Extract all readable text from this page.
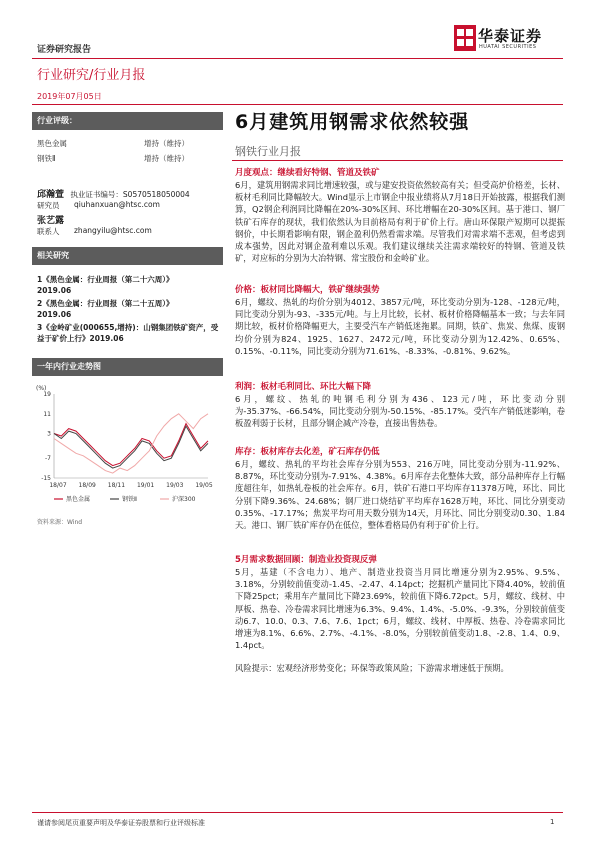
证券研究报告
华泰证券
HUATAI SECURITIES
行业研究/行业月报
2019年07月05日
行业评级：
黑色金属	增持（维持）
钢铁Ⅱ	增持（维持）
邱瀚萱 执业证书编号：S0570518050004
研究员 qiuhanxuan@htsc.com
张艺露
联系人 zhangyilu@htsc.com
相关研究
1《黑色金属：行业周报（第二十六周）》
2019.06
2《黑色金属：行业周报（第二十五周）》
2019.06
3《金岭矿业(000655,增持)：山钢集团铁矿资产，受益于矿价上行》2019.06
一年内行业走势图
(%)
19
11
3
-7
-15
18/07 18/09 18/11 19/01 19/03 19/05
黑色金属	钢铁Ⅱ	沪深300
资料来源：Wind
6月建筑用钢需求依然较强
钢铁行业月报
月度观点：继续看好特钢、管道及铁矿

6月，建筑用钢需求同比增速较强，或与建安投资依然较高有关；但受高炉价格差，长材、板材毛利同比降幅较大。Wind显示上市钢企中报业绩将从7月18日开始披露，根据我们测算，Q2钢企利润同比降幅在20%-30%区间、环比增幅在20-30%区间。基于港口、钢厂铁矿石库存的现状，我们依然认为目前格局有利于矿价上行。唐山环保限产短期可以提振钢价，中长期看影响有限，钢企盈利仍然看需求端。尽管我们对需求端不悲观，但考虑到成本强势，因此对钢企盈利难以乐观。我们建议继续关注需求端较好的特钢、管道及铁矿，对应标的分别为大冶特钢、常宝股份和金岭矿业。

价格：板材同比降幅大，铁矿继续强势

6月，螺纹、热轧的均价分别为4012、3857元/吨，环比变动分别为-128、-128元/吨，同比变动分别为-93、-335元/吨。与上月比较，长材、板材价格降幅基本一致；与去年同期比较，板材价格降幅更大，主要受汽车产销低迷拖累。同期，铁矿、焦炭、焦煤、废钢均价分别为824、1925、1627、2472元/吨，环比变动分别为12.42%、0.65%、0.15%、-0.11%，同比变动分别为71.61%、-8.33%、-0.81%、9.62%。

利润：板材毛利同比、环比大幅下降

6月，螺纹、热轧的吨钢毛利分别为436、123元/吨，环比变动分别为-35.37%、-66.54%，同比变动分别为-50.15%、-85.17%。受汽车产销低迷影响，卷板盈利弱于长材，且部分钢企减产冷卷，直接出售热卷。

库存：板材库存去化差，矿石库存仍低

6月，螺纹、热轧的平均社会库存分别为553、216万吨，同比变动分别为-11.92%、8.87%，环比变动分别为-7.91%、4.38%。6月库存去化整体大致，部分品种库存上行幅度超往年，如热轧卷板的社会库存。6月，铁矿石港口平均库存11378万吨，环比、同比分别下降9.36%、24.68%；钢厂进口烧结矿平均库存1628万吨，环比、同比分别变动0.35%、-17.17%；焦炭平均可用天数分别为14天，月环比、同比分别变动0.30、1.84天。港口、钢厂铁矿库存仍在低位，整体看格局仍有利于矿价上行。

5月需求数据回顾：制造业投资现反弹

5月，基建（不含电力）、地产、制造业投资当月同比增速分别为2.95%、9.5%、3.18%，分别较前值变动-1.45、-2.47、4.14pct；挖掘机产量同比下降4.40%，较前值下降25pct；乘用车产量同比下降23.69%，较前值下降6.72pct。5月，螺纹、线材、中厚板、热卷、冷卷需求同比增速为6.3%、9.4%、1.4%、-5.0%、-9.3%，分别较前值变动6.7、10.0、0.3、7.6、7.6、1pct；6月，螺纹、线材、中厚板、热卷、冷卷需求同比增速为8.1%、6.6%、2.7%、-4.1%、-8.0%，分别较前值变动1.8、-2.8、1.4、0.9、1.4pct。

风险提示：宏观经济形势变化；环保等政策风险；下游需求增速低于预期。

谨请参阅尾页重要声明及华泰证券股票和行业评级标准	1
